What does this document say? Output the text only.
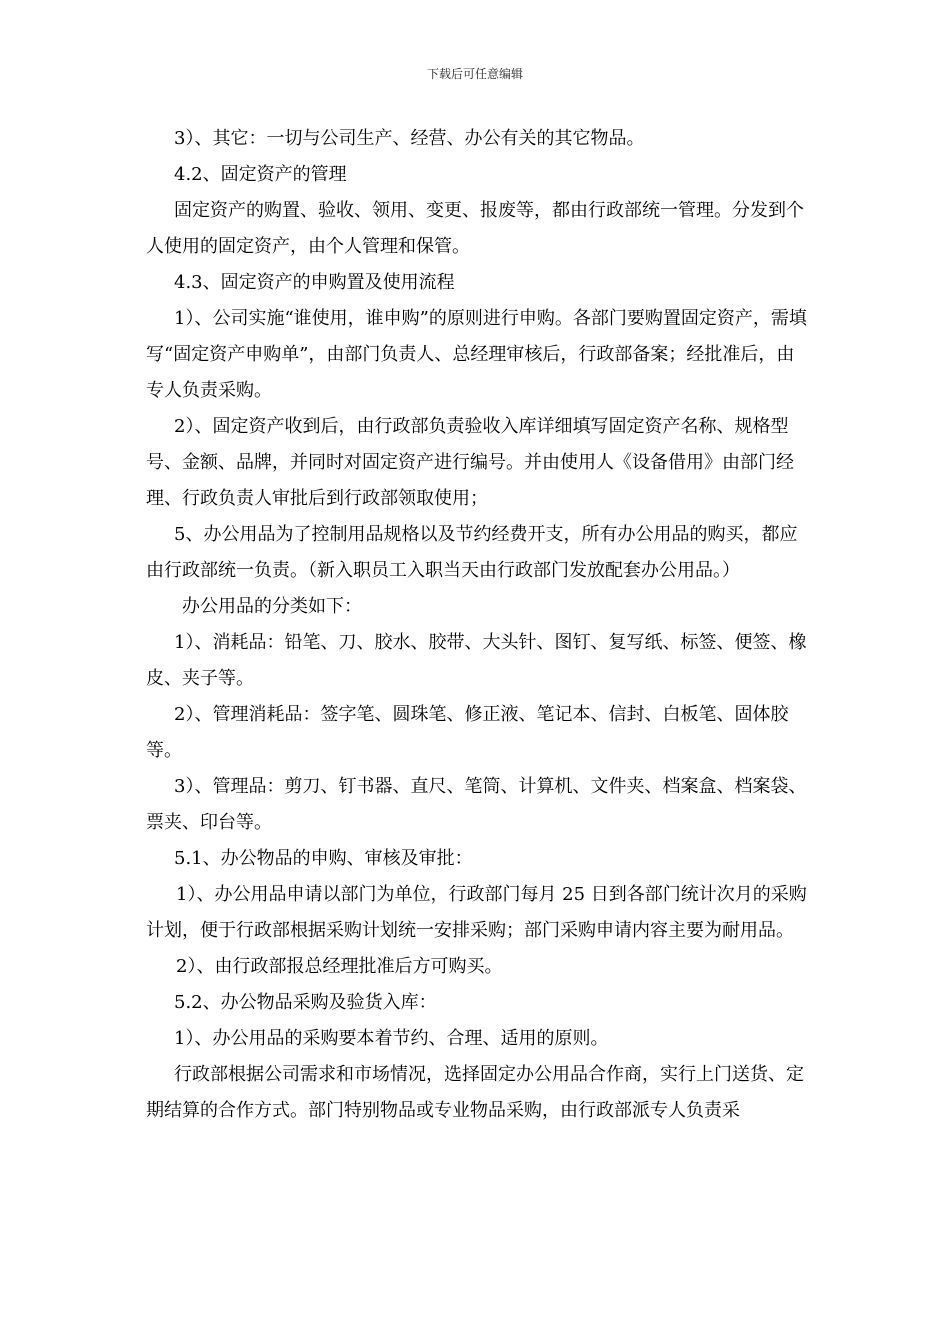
下载后可任意编辑

3）、其它：一切与公司生产、经营、办公有关的其它物品。

4.2、固定资产的管理

固定资产的购置、验收、领用、变更、报废等，都由行政部统一管理。分发到个人使用的固定资产，由个人管理和保管。

4.3、固定资产的申购置及使用流程

1）、公司实施“谁使用，谁申购”的原则进行申购。各部门要购置固定资产，需填写“固定资产申购单”，由部门负责人、总经理审核后，行政部备案；经批准后，由专人负责采购。

2）、固定资产收到后，由行政部负责验收入库详细填写固定资产名称、规格型号、金额、品牌，并同时对固定资产进行编号。并由使用人《设备借用》由部门经理、行政负责人审批后到行政部领取使用；

5、办公用品为了控制用品规格以及节约经费开支，所有办公用品的购买，都应由行政部统一负责。（新入职员工入职当天由行政部门发放配套办公用品。）

办公用品的分类如下：

1）、消耗品：铅笔、刀、胶水、胶带、大头针、图钉、复写纸、标签、便签、橡皮、夹子等。

2）、管理消耗品：签字笔、圆珠笔、修正液、笔记本、信封、白板笔、固体胶等。

3）、管理品：剪刀、钉书器、直尺、笔筒、计算机、文件夹、档案盒、档案袋、票夹、印台等。

5.1、办公物品的申购、审核及审批：

1）、办公用品申请以部门为单位，行政部门每月 25 日到各部门统计次月的采购计划，便于行政部根据采购计划统一安排采购；部门采购申请内容主要为耐用品。

2）、由行政部报总经理批准后方可购买。

5.2、办公物品采购及验货入库：

1）、办公用品的采购要本着节约、合理、适用的原则。

行政部根据公司需求和市场情况，选择固定办公用品合作商，实行上门送货、定期结算的合作方式。部门特别物品或专业物品采购，由行政部派专人负责采
